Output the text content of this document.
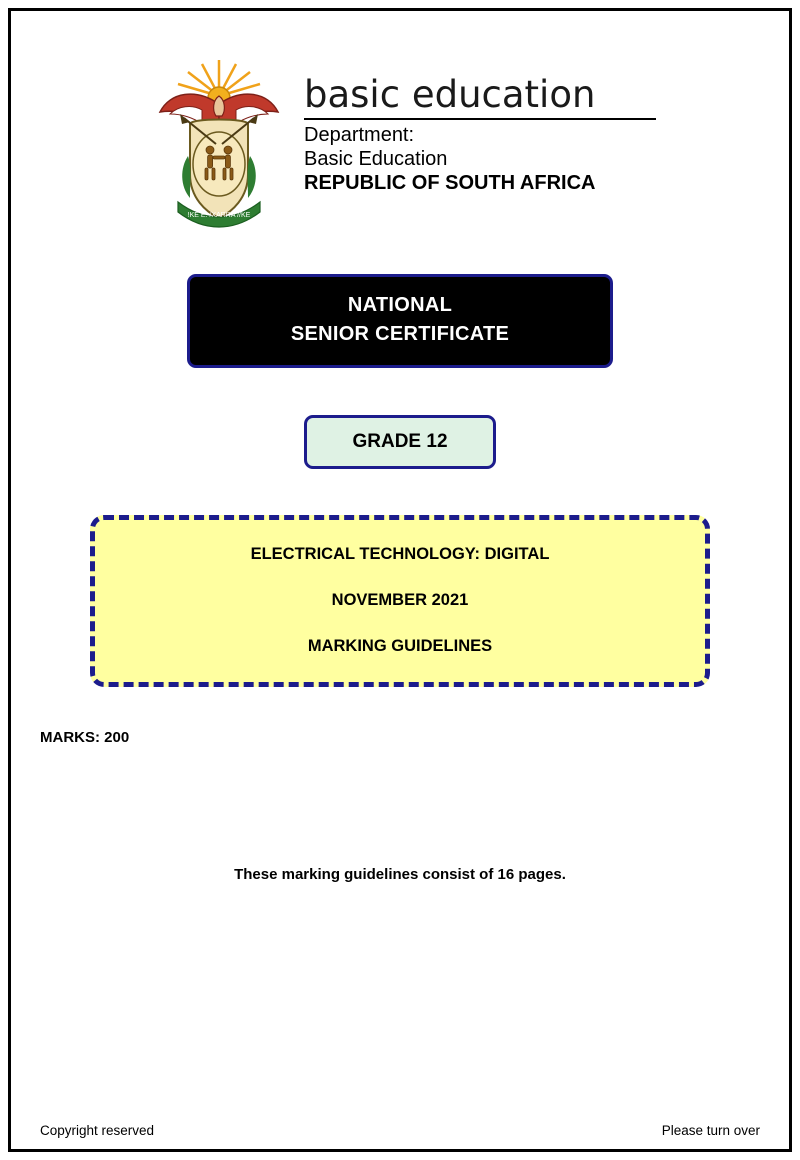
!KE E: /XARRA //KE
basic education
Department:
Basic Education
REPUBLIC OF SOUTH AFRICA
NATIONAL
SENIOR CERTIFICATE
GRADE 12
ELECTRICAL TECHNOLOGY: DIGITAL
NOVEMBER 2021
MARKING GUIDELINES
MARKS: 200
These marking guidelines consist of 16 pages.
Copyright reserved	Please turn over
